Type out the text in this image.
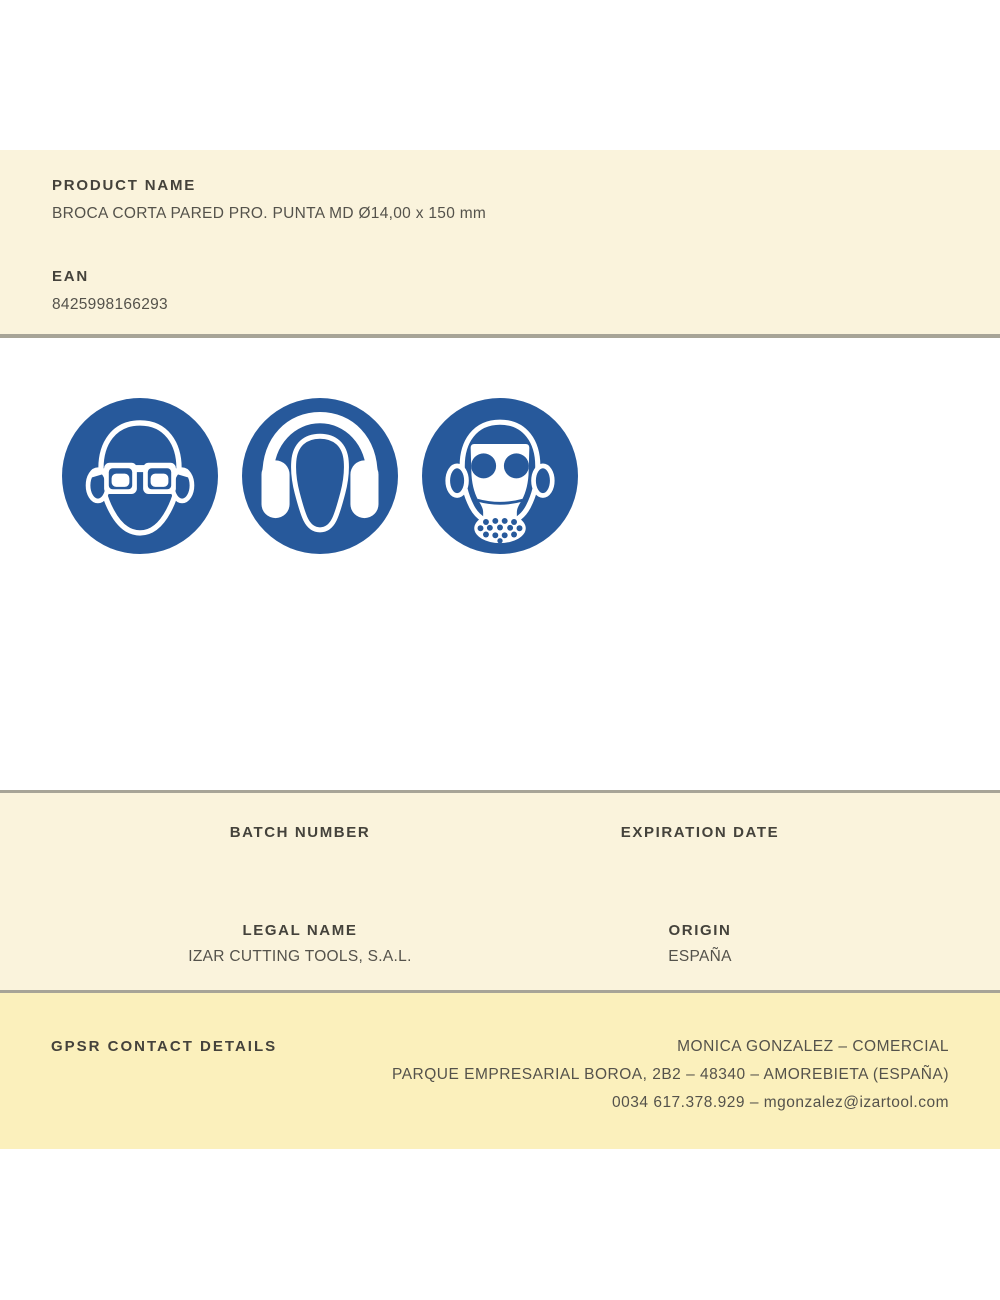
PRODUCT NAME
BROCA CORTA PARED PRO. PUNTA MD Ø14,00 x 150 mm
EAN
8425998166293
BATCH NUMBER	EXPIRATION DATE
LEGAL NAME
IZAR CUTTING TOOLS, S.A.L.
ORIGIN
ESPAÑA
GPSR CONTACT DETAILS	MONICA GONZALEZ – COMERCIAL
PARQUE EMPRESARIAL BOROA, 2B2 – 48340 – AMOREBIETA (ESPAÑA)
0034 617.378.929 – mgonzalez@izartool.com
